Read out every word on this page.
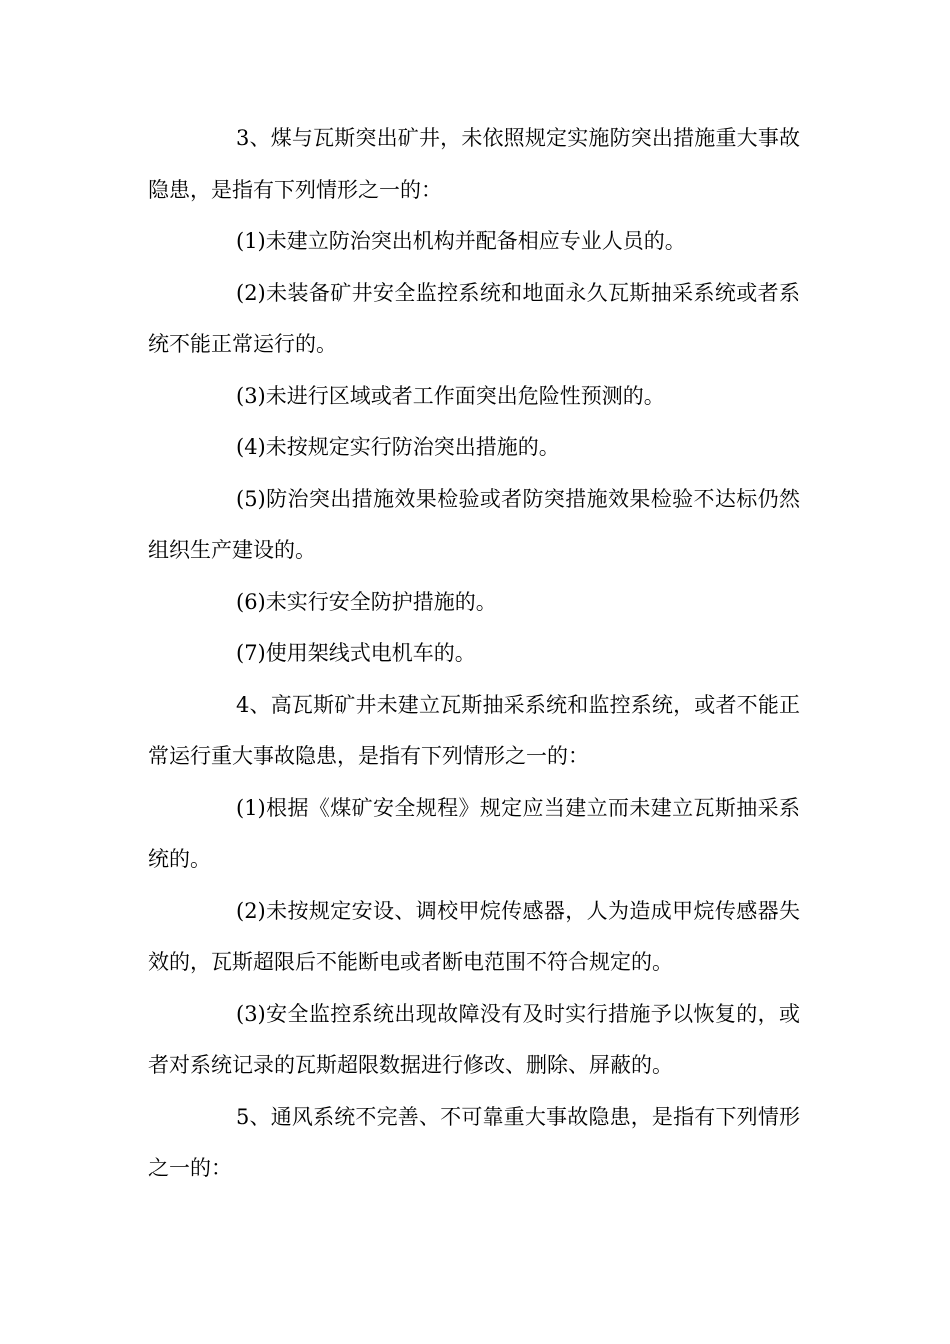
3、煤与瓦斯突出矿井，未依照规定实施防突出措施重大事故隐患，是指有下列情形之一的：

(1)未建立防治突出机构并配备相应专业人员的。

(2)未装备矿井安全监控系统和地面永久瓦斯抽采系统或者系统不能正常运行的。

(3)未进行区域或者工作面突出危险性预测的。

(4)未按规定实行防治突出措施的。

(5)防治突出措施效果检验或者防突措施效果检验不达标仍然组织生产建设的。

(6)未实行安全防护措施的。

(7)使用架线式电机车的。

4、高瓦斯矿井未建立瓦斯抽采系统和监控系统，或者不能正常运行重大事故隐患，是指有下列情形之一的：

(1)根据《煤矿安全规程》规定应当建立而未建立瓦斯抽采系统的。

(2)未按规定安设、调校甲烷传感器，人为造成甲烷传感器失效的，瓦斯超限后不能断电或者断电范围不符合规定的。

(3)安全监控系统出现故障没有及时实行措施予以恢复的，或者对系统记录的瓦斯超限数据进行修改、删除、屏蔽的。

5、通风系统不完善、不可靠重大事故隐患，是指有下列情形之一的：
